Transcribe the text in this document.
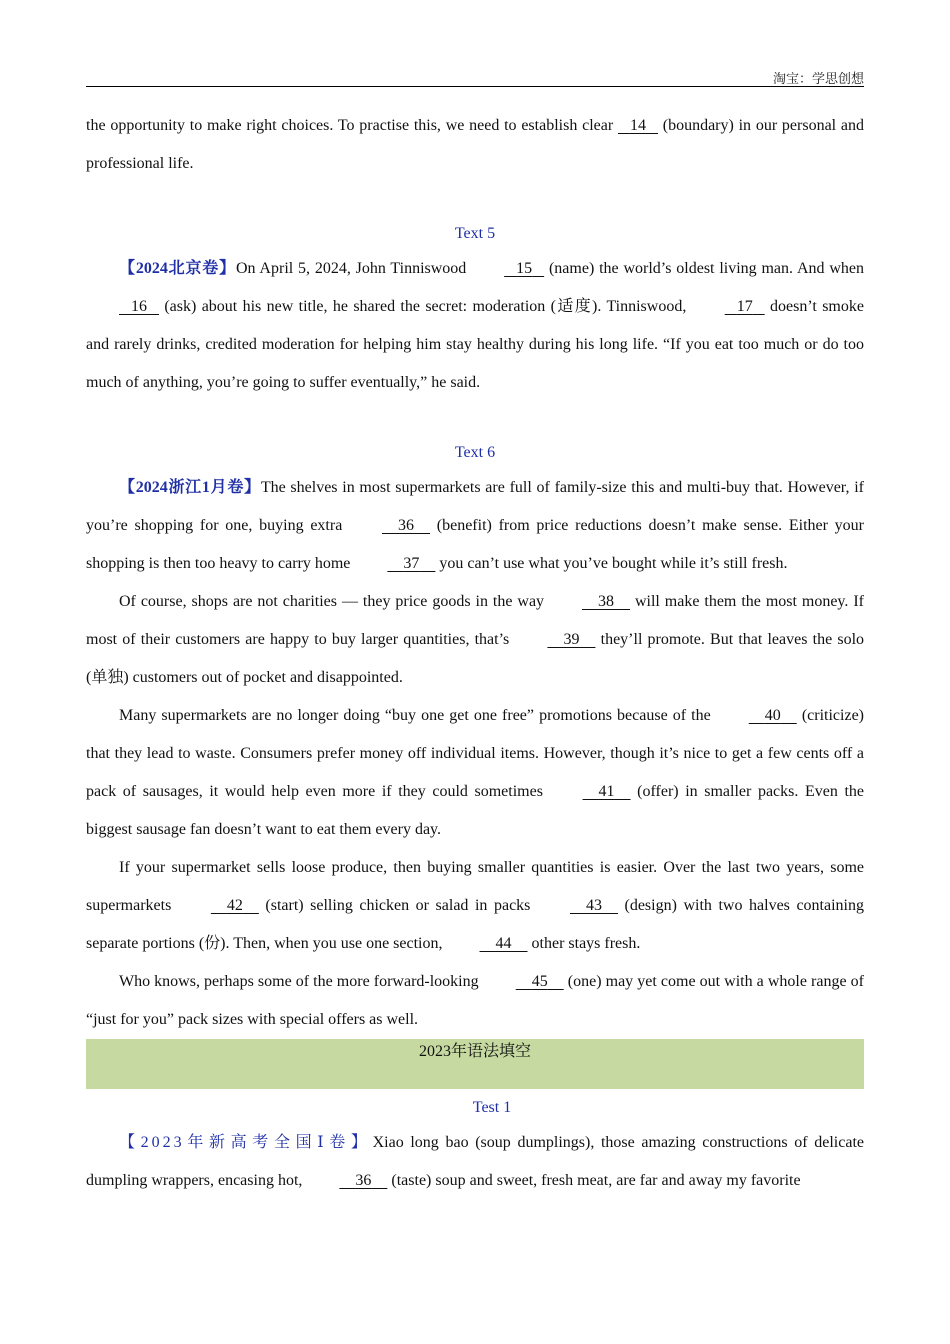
淘宝：学思创想

the opportunity to make right choices. To practise this, we need to establish clear    14    (boundary) in our personal and professional life.

Text 5

【2024北京卷】On April 5, 2024, John Tinniswood	15    (name) the world’s oldest living man. And when    16    (ask) about his new title, he shared the secret: moderation (适度). Tinniswood,	17    doesn’t smoke and rarely drinks, credited moderation for helping him stay healthy during his long life. “If you eat too much or do too much of anything, you’re going to suffer eventually,” he said.

Text 6

【2024浙江1月卷】The shelves in most supermarkets are full of family-size this and multi-buy that. However, if you’re shopping for one, buying extra	36     (benefit) from price reductions doesn’t make sense. Either your shopping is then too heavy to carry home	37     you can’t use what you’ve bought while it’s still fresh.

Of course, shops are not charities — they price goods in the way	38     will make them the most money. If most of their customers are happy to buy larger quantities, that’s	39     they’ll promote. But that leaves the solo (单独) customers out of pocket and disappointed.

Many supermarkets are no longer doing “buy one get one free” promotions because of the	40     (criticize) that they lead to waste. Consumers prefer money off individual items. However, though it’s nice to get a few cents off a pack of sausages, it would help even more if they could sometimes	41     (offer) in smaller packs. Even the biggest sausage fan doesn’t want to eat them every day.

If your supermarket sells loose produce, then buying smaller quantities is easier. Over the last two years, some supermarkets	42     (start) selling chicken or salad in packs	43     (design) with two halves containing separate portions (份). Then, when you use one section,	44     other stays fresh.

Who knows, perhaps some of the more forward-looking	45     (one) may yet come out with a whole range of “just for you” pack sizes with special offers as well.

2023年语法填空
Test 1

【2023年新高考全国Ⅰ卷】Xiao long bao (soup dumplings), those amazing constructions of delicate dumpling wrappers, encasing hot,	36     (taste) soup and sweet, fresh meat, are far and away my favorite
